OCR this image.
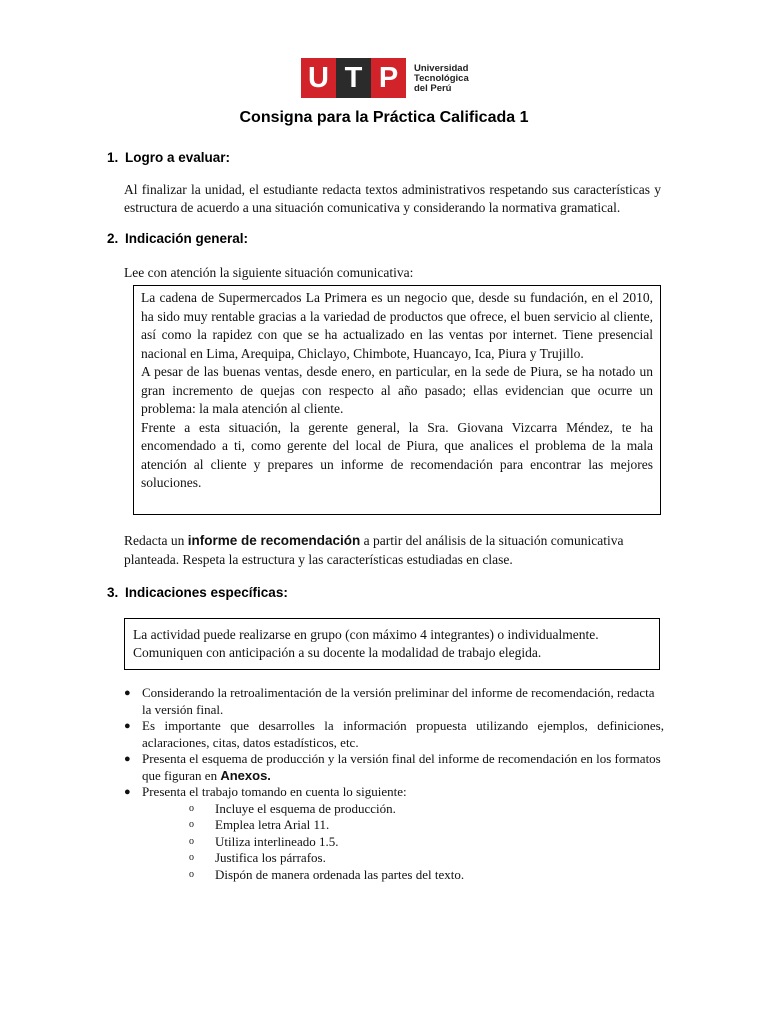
U T P	Universidad
Tecnológica
del Perú
Consigna para la Práctica Calificada 1
1. Logro a evaluar:
Al finalizar la unidad, el estudiante redacta textos administrativos respetando sus características y estructura de acuerdo a una situación comunicativa y considerando la normativa gramatical.
2. Indicación general:
Lee con atención la siguiente situación comunicativa:

La cadena de Supermercados La Primera es un negocio que, desde su fundación, en el 2010, ha sido muy rentable gracias a la variedad de productos que ofrece, el buen servicio al cliente, así como la rapidez con que se ha actualizado en las ventas por internet. Tiene presencial nacional en Lima, Arequipa, Chiclayo, Chimbote, Huancayo, Ica, Piura y Trujillo.

A pesar de las buenas ventas, desde enero, en particular, en la sede de Piura, se ha notado un gran incremento de quejas con respecto al año pasado; ellas evidencian que ocurre un problema: la mala atención al cliente.

Frente a esta situación, la gerente general, la Sra. Giovana Vizcarra Méndez, te ha encomendado a ti, como gerente del local de Piura, que analices el problema de la mala atención al cliente y prepares un informe de recomendación para encontrar las mejores soluciones.

Redacta un informe de recomendación a partir del análisis de la situación comunicativa planteada. Respeta la estructura y las características estudiadas en clase.
3. Indicaciones específicas:

La actividad puede realizarse en grupo (con máximo 4 integrantes) o individualmente. Comuniquen con anticipación a su docente la modalidad de trabajo elegida.

● Considerando la retroalimentación de la versión preliminar del informe de recomendación, redacta la versión final.
● Es importante que desarrolles la información propuesta utilizando ejemplos, definiciones, aclaraciones, citas, datos estadísticos, etc.
● Presenta el esquema de producción y la versión final del informe de recomendación en los formatos que figuran en Anexos.
● Presenta el trabajo tomando en cuenta lo siguiente:
o Incluye el esquema de producción.
o Emplea letra Arial 11.
o Utiliza interlineado 1.5.
o Justifica los párrafos.
o Dispón de manera ordenada las partes del texto.
